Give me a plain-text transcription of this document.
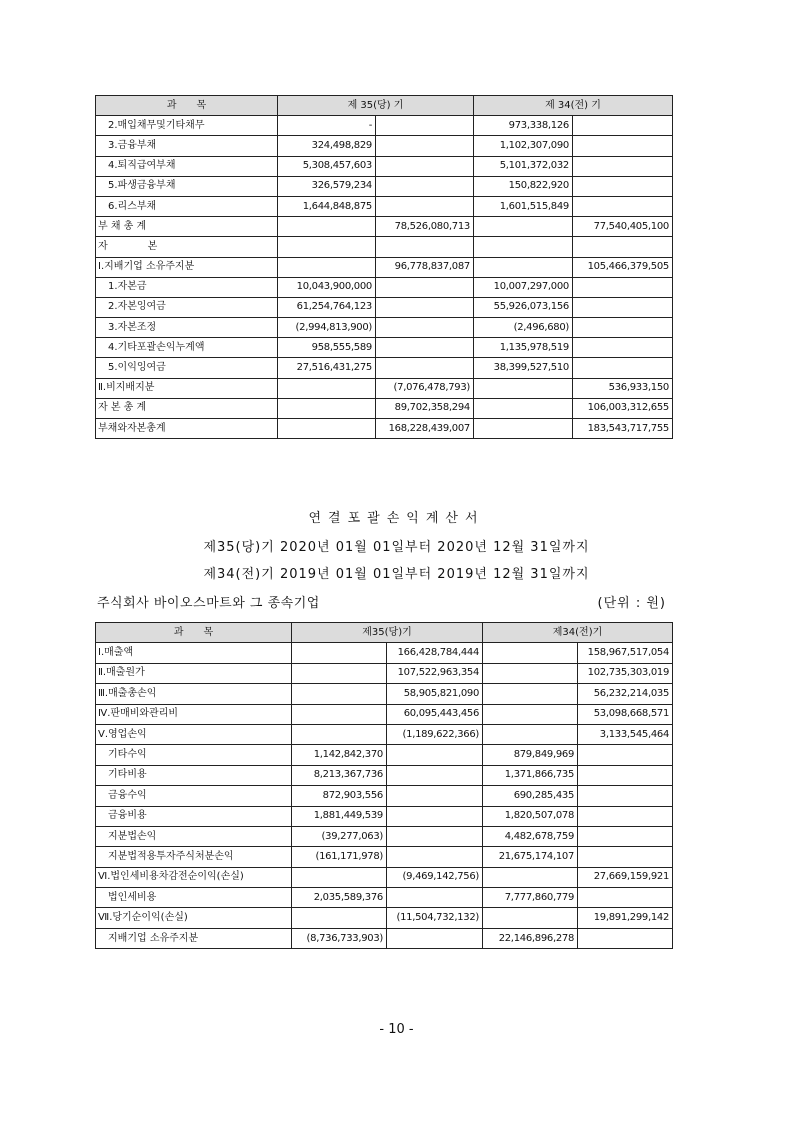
과　　목	제 35(당) 기		제 34(전) 기	
2.매입채무및기타채무	-		973,338,126	
3.금융부채	324,498,829		1,102,307,090	
4.퇴직급여부채	5,308,457,603		5,101,372,032	
5.파생금융부채	326,579,234		150,822,920	
6.리스부채	1,644,848,875		1,601,515,849	
부 채 총 계		78,526,080,713		77,540,405,100
자　　　　본				
Ⅰ.지배기업 소유주지분		96,778,837,087		105,466,379,505
1.자본금	10,043,900,000		10,007,297,000	
2.자본잉여금	61,254,764,123		55,926,073,156	
3.자본조정	(2,994,813,900)		(2,496,680)	
4.기타포괄손익누계액	958,555,589		1,135,978,519	
5.이익잉여금	27,516,431,275		38,399,527,510	
Ⅱ.비지배지분		(7,076,478,793)		536,933,150
자 본 총 계		89,702,358,294		106,003,312,655
부채와자본총계		168,228,439,007		183,543,717,755
연결포괄손익계산서
제35(당)기 2020년 01월 01일부터 2020년 12월 31일까지
제34(전)기 2019년 01월 01일부터 2019년 12월 31일까지
주식회사 바이오스마트와 그 종속기업	(단위 : 원)
과　　목	제35(당)기		제34(전)기	
Ⅰ.매출액		166,428,784,444		158,967,517,054
Ⅱ.매출원가		107,522,963,354		102,735,303,019
Ⅲ.매출총손익		58,905,821,090		56,232,214,035
Ⅳ.판매비와관리비		60,095,443,456		53,098,668,571
Ⅴ.영업손익		(1,189,622,366)		3,133,545,464
기타수익	1,142,842,370		879,849,969	
기타비용	8,213,367,736		1,371,866,735	
금융수익	872,903,556		690,285,435	
금융비용	1,881,449,539		1,820,507,078	
지분법손익	(39,277,063)		4,482,678,759	
지분법적용투자주식처분손익	(161,171,978)		21,675,174,107	
Ⅵ.법인세비용차감전순이익(손실)		(9,469,142,756)		27,669,159,921
법인세비용	2,035,589,376		7,777,860,779	
Ⅶ.당기순이익(손실)		(11,504,732,132)		19,891,299,142
지배기업 소유주지분	(8,736,733,903)		22,146,896,278	
- 10 -
